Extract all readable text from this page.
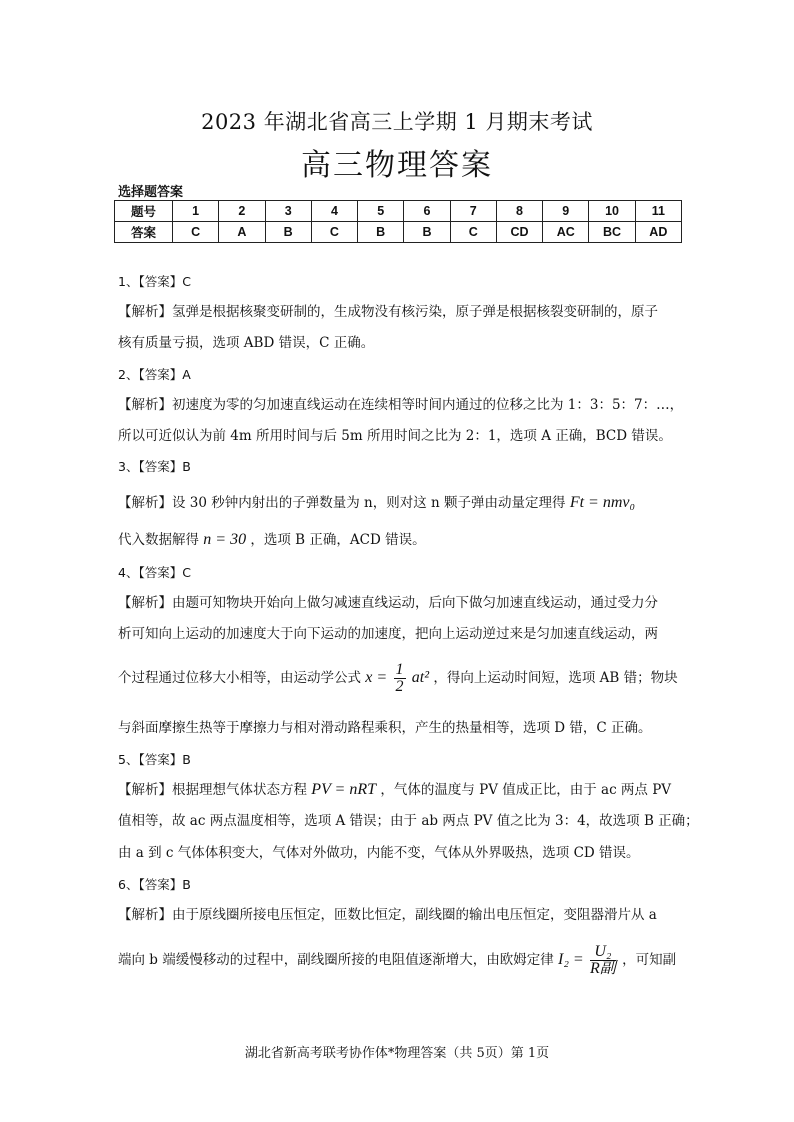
2023 年湖北省高三上学期 1 月期末考试
高三物理答案
选择题答案
题号	1	2	3	4	5	6	7	8	9	10	11
答案	C	A	B	C	B	B	C	CD	AC	BC	AD
1、【答案】C
【解析】氢弹是根据核聚变研制的，生成物没有核污染，原子弹是根据核裂变研制的，原子
核有质量亏损，选项 ABD 错误，C 正确。
2、【答案】A
【解析】初速度为零的匀加速直线运动在连续相等时间内通过的位移之比为 1：3：5：7：…，
所以可近似认为前 4m 所用时间与后 5m 所用时间之比为 2：1，选项 A 正确，BCD 错误。
3、【答案】B
【解析】设 30 秒钟内射出的子弹数量为 n，则对这 n 颗子弹由动量定理得 Ft = nmv₀
代入数据解得 n = 30 ，选项 B 正确，ACD 错误。
4、【答案】C
【解析】由题可知物块开始向上做匀减速直线运动，后向下做匀加速直线运动，通过受力分
析可知向上运动的加速度大于向下运动的加速度，把向上运动逆过来是匀加速直线运动，两
个过程通过位移大小相等，由运动学公式 $x = \frac{1}{2} at^2$ ，得向上运动时间短，选项 AB 错；物块
与斜面摩擦生热等于摩擦力与相对滑动路程乘积，产生的热量相等，选项 D 错，C 正确。
5、【答案】B
【解析】根据理想气体状态方程 PV = nRT ，气体的温度与 PV 值成正比，由于 ac 两点 PV
值相等，故 ac 两点温度相等，选项 A 错误；由于 ab 两点 PV 值之比为 3：4，故选项 B 正确；
由 a 到 c 气体体积变大，气体对外做功，内能不变，气体从外界吸热，选项 CD 错误。
6、【答案】B
【解析】由于原线圈所接电压恒定，匝数比恒定，副线圈的输出电压恒定，变阻器滑片从 a
端向 b 端缓慢移动的过程中，副线圈所接的电阻值逐渐增大，由欧姆定律 $I_2 = \frac{\text{U₂}}{\text{R副}}$ ，可知副
湖北省新高考联考协作体*物理答案（共 5页）第 1页
